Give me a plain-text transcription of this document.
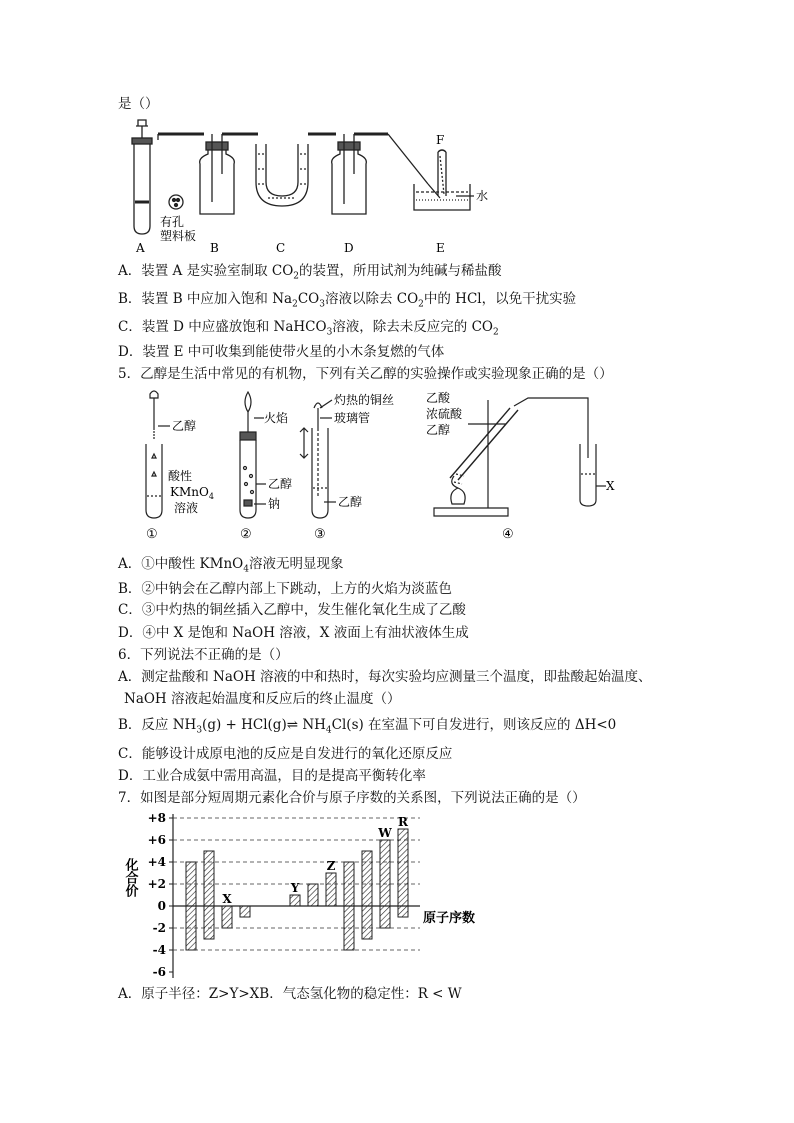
是（）
F
水
有孔
塑料板
A	B	C	D	E
A．装置 A 是实验室制取 $CO_2$的装置，所用试剂为纯碱与稀盐酸
B．装置 B 中应加入饱和 $Na_2CO_3$溶液以除去 $CO_2$中的 HCl，以免干扰实验
C．装置 D 中应盛放饱和 NaHCO$_3$溶液，除去未反应完的 $CO_2$
D．装置 E 中可收集到能使带火星的小木条复燃的气体
5．乙醇是生活中常见的有机物，下列有关乙醇的实验操作或实验现象正确的是（）
乙醇
酸性
KMnO$_4$
溶液
火焰
乙醇
钠
灼热的铜丝
玻璃管
乙醇
乙酸
浓硫酸
乙醇
X
①	②	③	④
A．①中酸性 KMnO$_4$溶液无明显现象
B．②中钠会在乙醇内部上下跳动，上方的火焰为淡蓝色
C．③中灼热的铜丝插入乙醇中，发生催化氧化生成了乙酸
D．④中 X 是饱和 NaOH 溶液，X 液面上有油状液体生成
6．下列说法不正确的是（）
A．测定盐酸和 NaOH 溶液的中和热时，每次实验均应测量三个温度，即盐酸起始温度、
NaOH 溶液起始温度和反应后的终止温度（）
B．反应 $NH_3(g)$ + HCl(g)⇌ $NH_4Cl(s)$ 在室温下可自发进行，则该反应的 ΔH<0
C．能够设计成原电池的反应是自发进行的氧化还原反应
D．工业合成氨中需用高温，目的是提高平衡转化率
7．如图是部分短周期元素化合价与原子序数的关系图，下列说法正确的是（）
化合价
+8
+6
+4
+2
0
-2
-4
-6
X
Y
Z
W
R
原子序数
A．原子半径：Z>Y>XB．气态氢化物的稳定性：R < W
